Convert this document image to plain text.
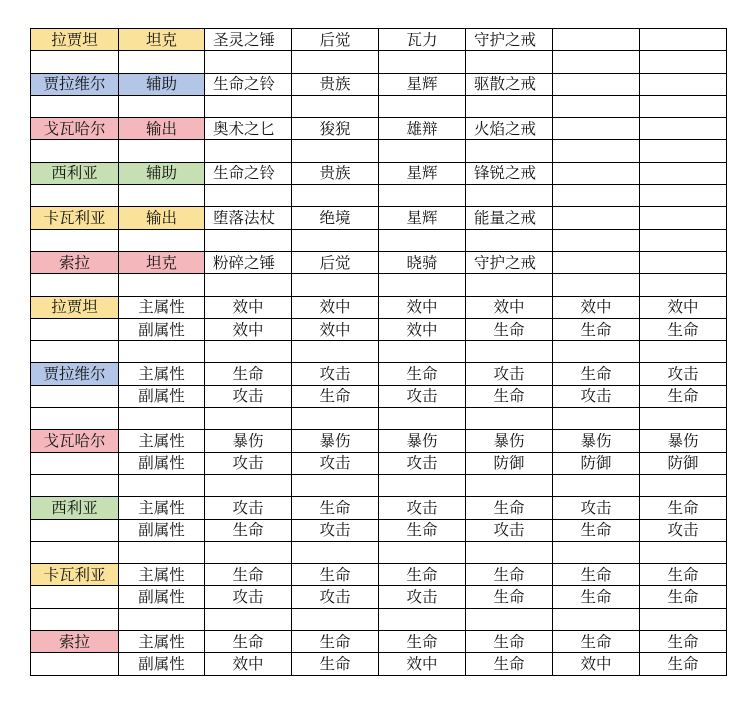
拉贾坦	坦克	圣灵之锤	后觉	瓦力	守护之戒		

贾拉维尔	辅助	生命之铃	贵族	星辉	驱散之戒		

戈瓦哈尔	输出	奥术之匕	狻猊	雄辩	火焰之戒		

西利亚	辅助	生命之铃	贵族	星辉	锋锐之戒		

卡瓦利亚	输出	堕落法杖	绝境	星辉	能量之戒		

索拉	坦克	粉碎之锤	后觉	晓骑	守护之戒		

拉贾坦	主属性	效中	效中	效中	效中	效中	效中
	副属性	效中	效中	效中	生命	生命	生命

贾拉维尔	主属性	生命	攻击	生命	攻击	生命	攻击
	副属性	攻击	生命	攻击	生命	攻击	生命

戈瓦哈尔	主属性	暴伤	暴伤	暴伤	暴伤	暴伤	暴伤
	副属性	攻击	攻击	攻击	防御	防御	防御

西利亚	主属性	攻击	生命	攻击	生命	攻击	生命
	副属性	生命	攻击	生命	攻击	生命	攻击

卡瓦利亚	主属性	生命	生命	生命	生命	生命	生命
	副属性	攻击	攻击	攻击	生命	生命	生命

索拉	主属性	生命	生命	生命	生命	生命	生命
	副属性	效中	生命	效中	生命	效中	生命
